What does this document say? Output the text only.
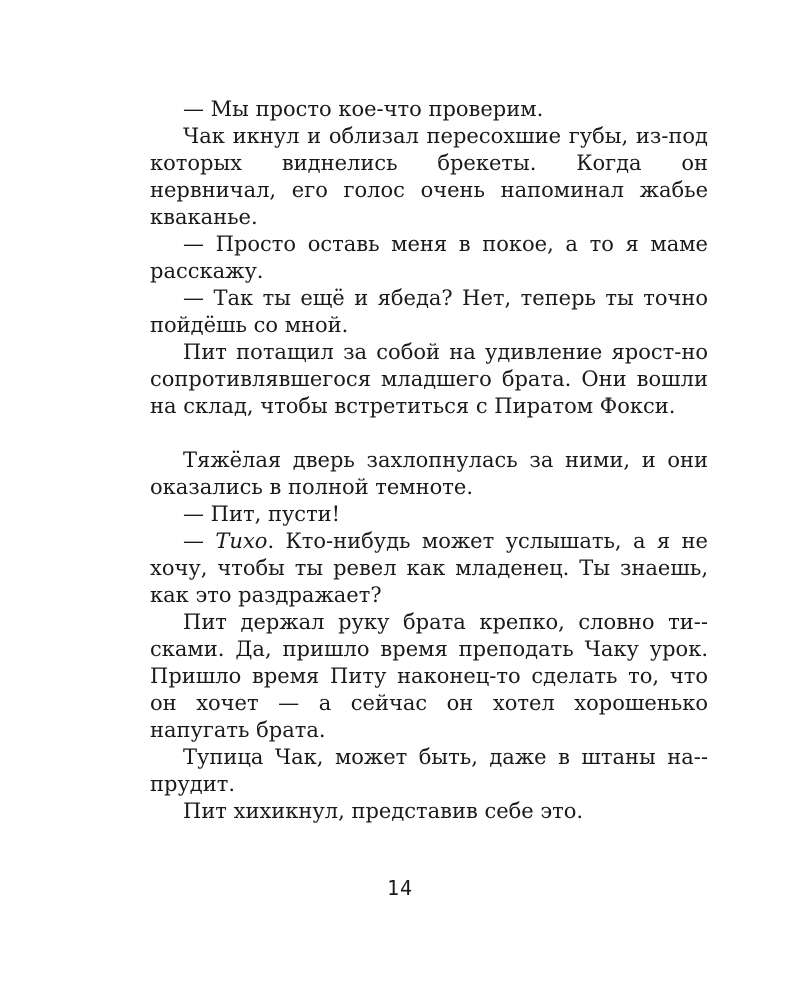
— Мы просто кое-что проверим.

Чак икнул и облизал пересохшие губы, из-под которых виднелись брекеты. Когда он нервничал, его голос очень напоминал жабье кваканье.

— Просто оставь меня в покое, а то я маме расскажу.

— Так ты ещё и ябеда? Нет, теперь ты точно пойдёшь со мной.

Пит потащил за собой на удивление ярост-но сопротивлявшегося младшего брата. Они вошли на склад, чтобы встретиться с Пиратом Фокси.

Тяжёлая дверь захлопнулась за ними, и они оказались в полной темноте.

— Пит, пусти!

— Тихо. Кто-нибудь может услышать, а я не хочу, чтобы ты ревел как младенец. Ты знаешь, как это раздражает?

Пит держал руку брата крепко, словно ти-сками. Да, пришло время преподать Чаку урок. Пришло время Питу наконец-то сделать то, что он хочет — а сейчас он хотел хорошенько напугать брата.

Тупица Чак, может быть, даже в штаны на-прудит.

Пит хихикнул, представив себе это.

14
